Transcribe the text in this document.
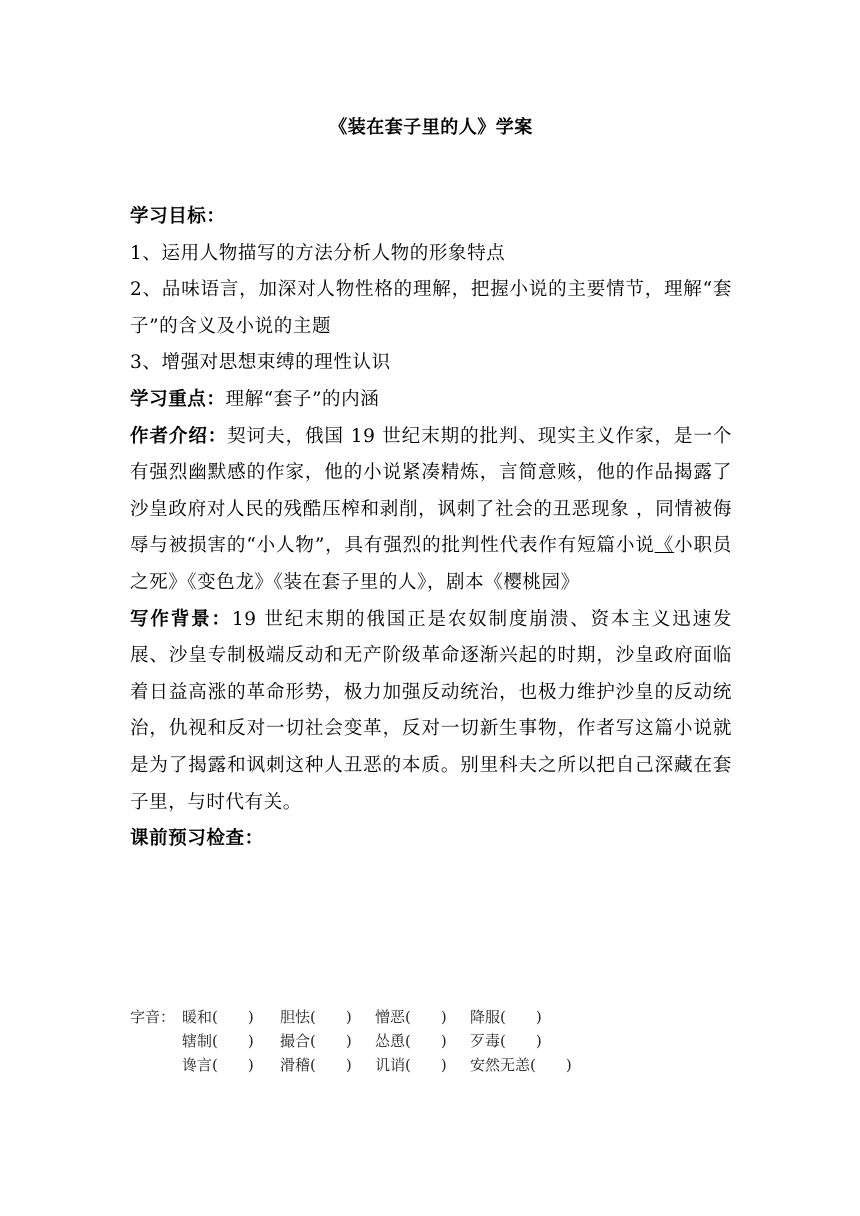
《装在套子里的人》学案

学习目标：

1、运用人物描写的方法分析人物的形象特点

2、品味语言，加深对人物性格的理解，把握小说的主要情节，理解“套子”的含义及小说的主题

3、增强对思想束缚的理性认识

学习重点：理解“套子”的内涵

作者介绍：契诃夫，俄国 19 世纪末期的批判、现实主义作家，是一个有强烈幽默感的作家，他的小说紧凑精炼，言简意赅，他的作品揭露了沙皇政府对人民的残酷压榨和剥削，讽刺了社会的丑恶现象 ，同情被侮辱与被损害的“小人物”，具有强烈的批判性代表作有短篇小说《小职员之死》《变色龙》《装在套子里的人》，剧本《樱桃园》

写作背景：19 世纪末期的俄国正是农奴制度崩溃、资本主义迅速发展、沙皇专制极端反动和无产阶级革命逐渐兴起的时期，沙皇政府面临着日益高涨的革命形势，极力加强反动统治，也极力维护沙皇的反动统治，仇视和反对一切社会变革，反对一切新生事物，作者写这篇小说就是为了揭露和讽刺这种人丑恶的本质。别里科夫之所以把自己深藏在套子里，与时代有关。

课前预习检查：

字音： 暖和(　　) 胆怯(　　) 憎恶(　　) 降服(　　)
辖制(　　) 撮合(　　) 怂恿(　　) 歹毒(　　)
谗言(　　) 滑稽(　　) 讥诮(　　) 安然无恙(　　)
